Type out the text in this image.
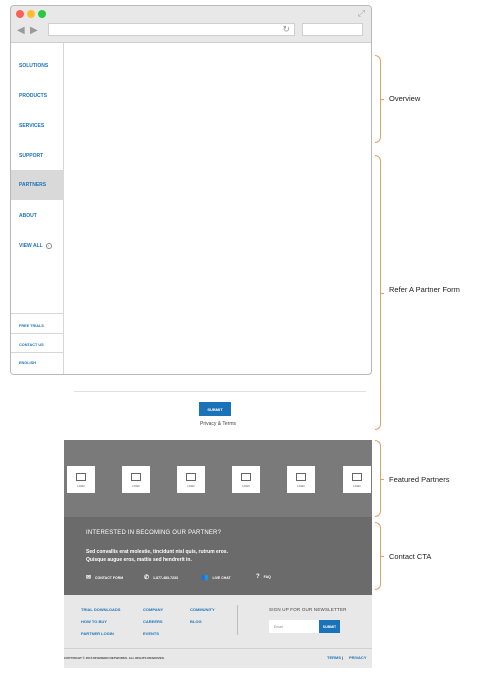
SUBMIT
Privacy & Terms
⤢
◀ ▶	↻
SOLUTIONS
PRODUCTS
SERVICES
SUPPORT
PARTNERS
ABOUT
VIEW ALL	›
FREE TRIALS
CONTACT US
ENGLISH
LOGO	LOGO	LOGO	LOGO	LOGO	LOGO
INTERESTED IN BECOMING OUR PARTNER?
Sed convallis erat molestie, tincidunt nisl quis, rutrum eros.
Quisque augue eros, mattis sed hendrerit in.
✉ CONTACT FORM	✆ 1-877-483-7233	👥 LIVE CHAT	? FAQ
TRIAL DOWNLOADS
HOW TO BUY
PARTNER LOGIN
COMPANY
CAREERS
EVENTS
COMMUNITY
BLOG
SIGN UP FOR OUR NEWSLETTER
Email	SUBMIT
COPYRIGHT © 2015 RIVERBED NETWORKS. ALL RIGHTS RESERVED.	TERMS | PRIVACY
Overview
Refer A Partner Form
Featured Partners
Contact CTA
